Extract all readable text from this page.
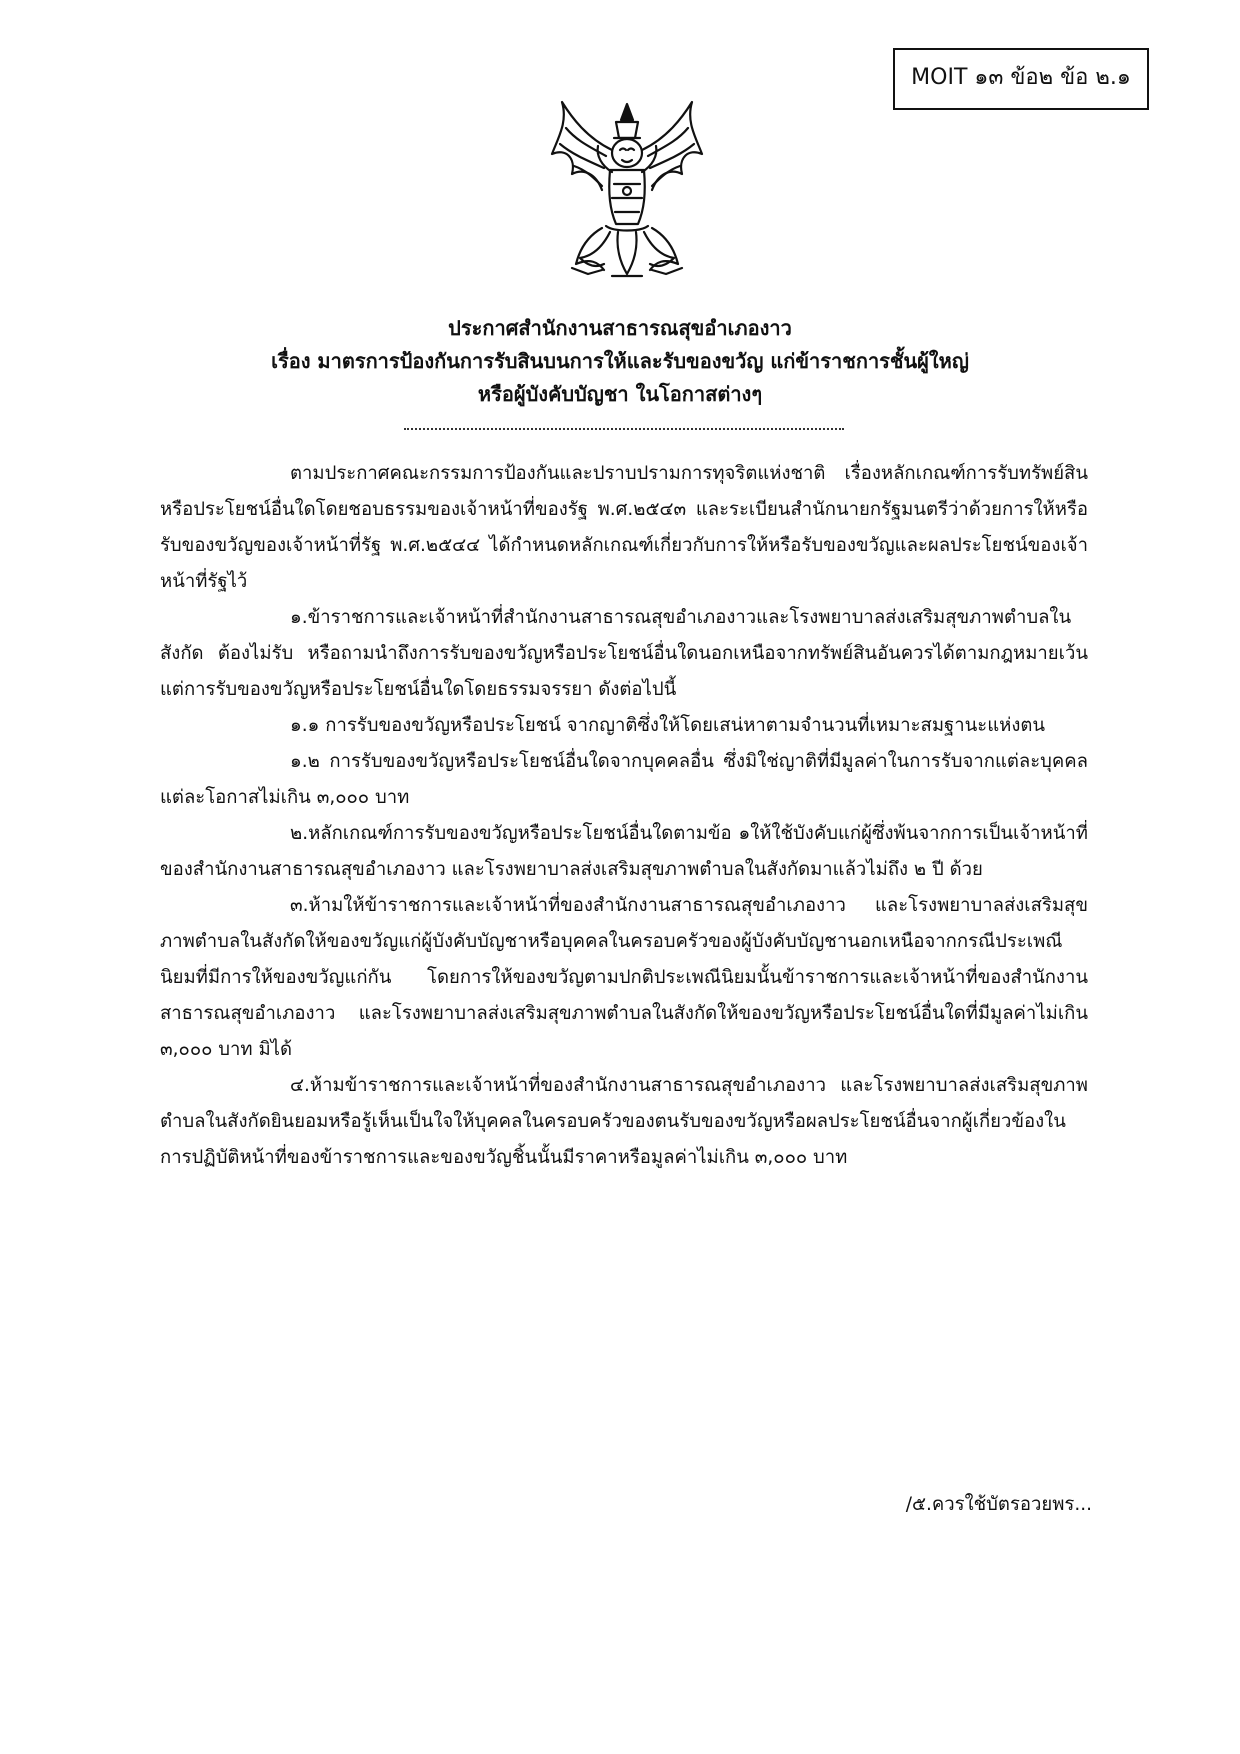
MOIT ๑๓ ข้อ๒ ข้อ ๒.๑
ประกาศสำนักงานสาธารณสุขอำเภองาว
เรื่อง มาตรการป้องกันการรับสินบนการให้และรับของขวัญ แก่ข้าราชการชั้นผู้ใหญ่
หรือผู้บังคับบัญชา ในโอกาสต่างๆ

ตามประกาศคณะกรรมการป้องกันและปราบปรามการทุจริตแห่งชาติ เรื่องหลักเกณฑ์การรับทรัพย์สินหรือประโยชน์อื่นใดโดยชอบธรรมของเจ้าหน้าที่ของรัฐ พ.ศ.๒๕๔๓ และระเบียนสำนักนายกรัฐมนตรีว่าด้วยการให้หรือรับของขวัญของเจ้าหน้าที่รัฐ พ.ศ.๒๕๔๔ ได้กำหนดหลักเกณฑ์เกี่ยวกับการให้หรือรับของขวัญและผลประโยชน์ของเจ้าหน้าที่รัฐไว้

๑.ข้าราชการและเจ้าหน้าที่สำนักงานสาธารณสุขอำเภองาวและโรงพยาบาลส่งเสริมสุขภาพตำบลในสังกัด ต้องไม่รับ หรือถามนำถึงการรับของขวัญหรือประโยชน์อื่นใดนอกเหนือจากทรัพย์สินอันควรได้ตามกฎหมายเว้นแต่การรับของขวัญหรือประโยชน์อื่นใดโดยธรรมจรรยา ดังต่อไปนี้

๑.๑ การรับของขวัญหรือประโยชน์ จากญาติซึ่งให้โดยเสน่หาตามจำนวนที่เหมาะสมฐานะแห่งตน

๑.๒ การรับของขวัญหรือประโยชน์อื่นใดจากบุคคลอื่น ซึ่งมิใช่ญาติที่มีมูลค่าในการรับจากแต่ละบุคคลแต่ละโอกาสไม่เกิน ๓,๐๐๐ บาท

๒.หลักเกณฑ์การรับของขวัญหรือประโยชน์อื่นใดตามข้อ ๑ให้ใช้บังคับแก่ผู้ซึ่งพ้นจากการเป็นเจ้าหน้าที่ของสำนักงานสาธารณสุขอำเภองาว และโรงพยาบาลส่งเสริมสุขภาพตำบลในสังกัดมาแล้วไม่ถึง ๒ ปี ด้วย

๓.ห้ามให้ข้าราชการและเจ้าหน้าที่ของสำนักงานสาธารณสุขอำเภองาว และโรงพยาบาลส่งเสริมสุขภาพตำบลในสังกัดให้ของขวัญแก่ผู้บังคับบัญชาหรือบุคคลในครอบครัวของผู้บังคับบัญชานอกเหนือจากกรณีประเพณีนิยมที่มีการให้ของขวัญแก่กัน โดยการให้ของขวัญตามปกติประเพณีนิยมนั้นข้าราชการและเจ้าหน้าที่ของสำนักงานสาธารณสุขอำเภองาว และโรงพยาบาลส่งเสริมสุขภาพตำบลในสังกัดให้ของขวัญหรือประโยชน์อื่นใดที่มีมูลค่าไม่เกิน ๓,๐๐๐ บาท มิได้

๔.ห้ามข้าราชการและเจ้าหน้าที่ของสำนักงานสาธารณสุขอำเภองาว และโรงพยาบาลส่งเสริมสุขภาพตำบลในสังกัดยินยอมหรือรู้เห็นเป็นใจให้บุคคลในครอบครัวของตนรับของขวัญหรือผลประโยชน์อื่นจากผู้เกี่ยวข้องในการปฏิบัติหน้าที่ของข้าราชการและของขวัญชิ้นนั้นมีราคาหรือมูลค่าไม่เกิน ๓,๐๐๐ บาท

/๕.ควรใช้บัตรอวยพร...
